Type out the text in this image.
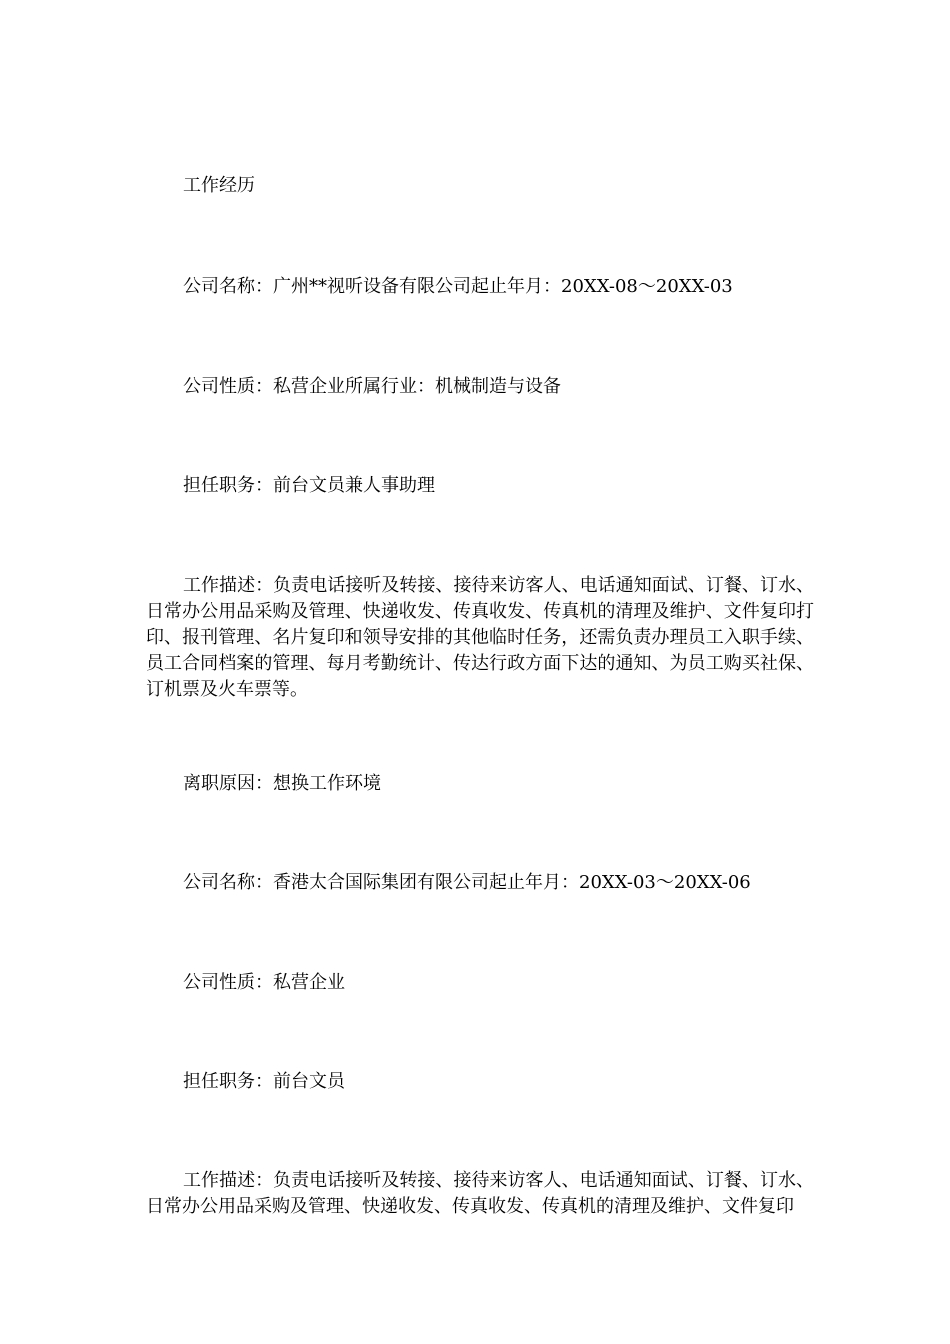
工作经历
公司名称：广州**视听设备有限公司起止年月：20XX-08～20XX-03
公司性质：私营企业所属行业：机械制造与设备
担任职务：前台文员兼人事助理
工作描述：负责电话接听及转接、接待来访客人、电话通知面试、订餐、订水、日常办公用品采购及管理、快递收发、传真收发、传真机的清理及维护、文件复印打印、报刊管理、名片复印和领导安排的其他临时任务，还需负责办理员工入职手续、员工合同档案的管理、每月考勤统计、传达行政方面下达的通知、为员工购买社保、订机票及火车票等。
离职原因：想换工作环境
公司名称：香港太合国际集团有限公司起止年月：20XX-03～20XX-06
公司性质：私营企业
担任职务：前台文员
工作描述：负责电话接听及转接、接待来访客人、电话通知面试、订餐、订水、日常办公用品采购及管理、快递收发、传真收发、传真机的清理及维护、文件复印
